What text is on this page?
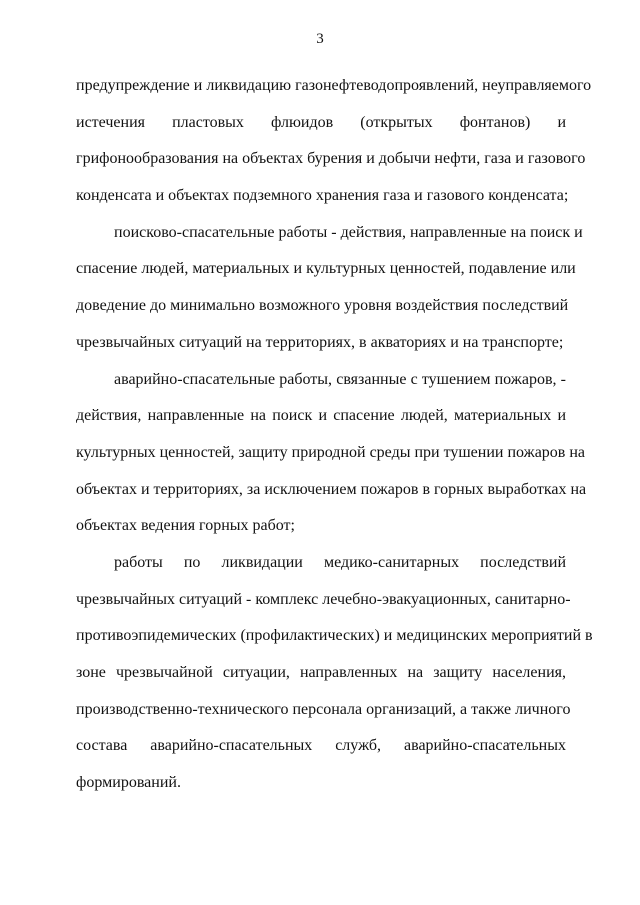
3
предупреждение и ликвидацию газонефтеводопроявлений, неуправляемого
истечения пластовых флюидов (открытых фонтанов) и
грифонообразования на объектах бурения и добычи нефти, газа и газового
конденсата и объектах подземного хранения газа и газового конденсата;
поисково-спасательные работы - действия, направленные на поиск и
спасение людей, материальных и культурных ценностей, подавление или
доведение до минимально возможного уровня воздействия последствий
чрезвычайных ситуаций на территориях, в акваториях и на транспорте;
аварийно-спасательные работы, связанные с тушением пожаров, -
действия, направленные на поиск и спасение людей, материальных и
культурных ценностей, защиту природной среды при тушении пожаров на
объектах и территориях, за исключением пожаров в горных выработках на
объектах ведения горных работ;
работы по ликвидации медико-санитарных последствий
чрезвычайных ситуаций - комплекс лечебно-эвакуационных, санитарно-
противоэпидемических (профилактических) и медицинских мероприятий в
зоне чрезвычайной ситуации, направленных на защиту населения,
производственно-технического персонала организаций, а также личного
состава аварийно-спасательных служб, аварийно-спасательных
формирований.
